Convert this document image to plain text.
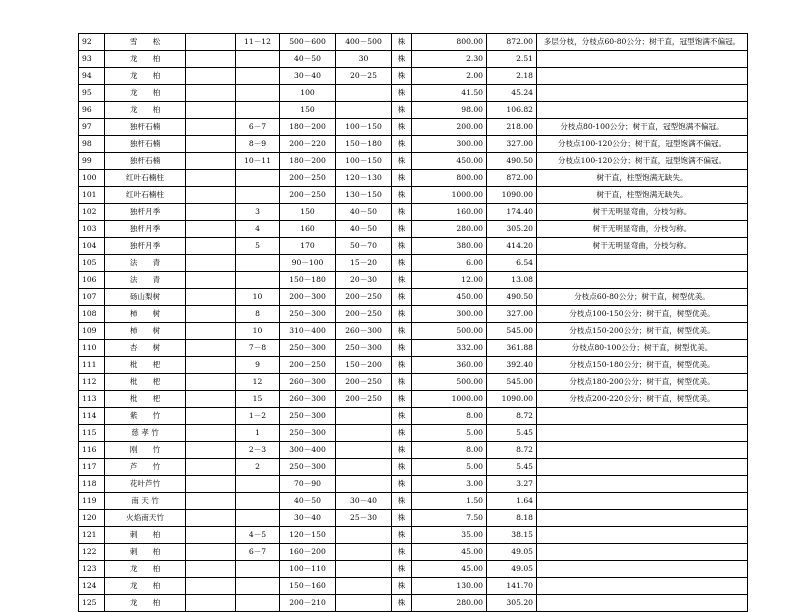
92	雪　　松		11－12	500－600	400－500	株	800.00	872.00	多层分枝，分枝点60-80公分；树干直，冠型饱满不偏冠。
93	龙　　柏			40－50	30	株	2.30	2.51	
94	龙　　柏			30－40	20－25	株	2.00	2.18	
95	龙　　柏			100		株	41.50	45.24	
96	龙　　柏			150		株	98.00	106.82	
97	独杆石楠		6－7	180－200	100－150	株	200.00	218.00	分枝点80-100公分；树干直，冠型饱满不偏冠。
98	独杆石楠		8－9	200－220	150－180	株	300.00	327.00	分枝点100-120公分；树干直，冠型饱满不偏冠。
99	独杆石楠		10－11	180－200	100－150	株	450.00	490.50	分枝点100-120公分；树干直，冠型饱满不偏冠。
100	红叶石楠柱			200－250	120－130	株	800.00	872.00	树干直，柱型饱满无缺失。
101	红叶石楠柱			200－250	130－150	株	1000.00	1090.00	树干直，柱型饱满无缺失。
102	独杆月季		3	150	40－50	株	160.00	174.40	树干无明显弯曲，分枝匀称。
103	独杆月季		4	160	40－50	株	280.00	305.20	树干无明显弯曲，分枝匀称。
104	独杆月季		5	170	50－70	株	380.00	414.20	树干无明显弯曲，分枝匀称。
105	法　　青			90－100	15－20	株	6.00	6.54	
106	法　　青			150－180	20－30	株	12.00	13.08	
107	砀山梨树		10	200－300	200－250	株	450.00	490.50	分枝点60-80公分；树干直，树型优美。
108	柿　　树		8	250－300	200－250	株	300.00	327.00	分枝点100-150公分；树干直，树型优美。
109	柿　　树		10	310－400	260－300	株	500.00	545.00	分枝点150-200公分；树干直，树型优美。
110	杏　　树		7－8	250－300	250－300	株	332.00	361.88	分枝点80-100公分；树干直，树型优美。
111	枇　　杷		9	200－250	150－200	株	360.00	392.40	分枝点150-180公分；树干直，树型优美。
112	枇　　杷		12	260－300	200－250	株	500.00	545.00	分枝点180-200公分；树干直，树型优美。
113	枇　　杷		15	260－300	200－250	株	1000.00	1090.00	分枝点200-220公分；树干直，树型优美。
114	紫　　竹		1－2	250－300		株	8.00	8.72	
115	慈 孝 竹		1	250－300		株	5.00	5.45	
116	刚　　竹		2－3	300－400		株	8.00	8.72	
117	芦　　竹		2	250－300		株	5.00	5.45	
118	花叶芦竹			70－90		株	3.00	3.27	
119	南 天 竹			40－50	30－40	株	1.50	1.64	
120	火焰南天竹			30－40	25－30	株	7.50	8.18	
121	刺　　柏		4－5	120－150		株	35.00	38.15	
122	刺　　柏		6－7	160－200		株	45.00	49.05	
123	龙　　柏			100－110		株	45.00	49.05	
124	龙　　柏			150－160		株	130.00	141.70	
125	龙　　柏			200－210		株	280.00	305.20	
